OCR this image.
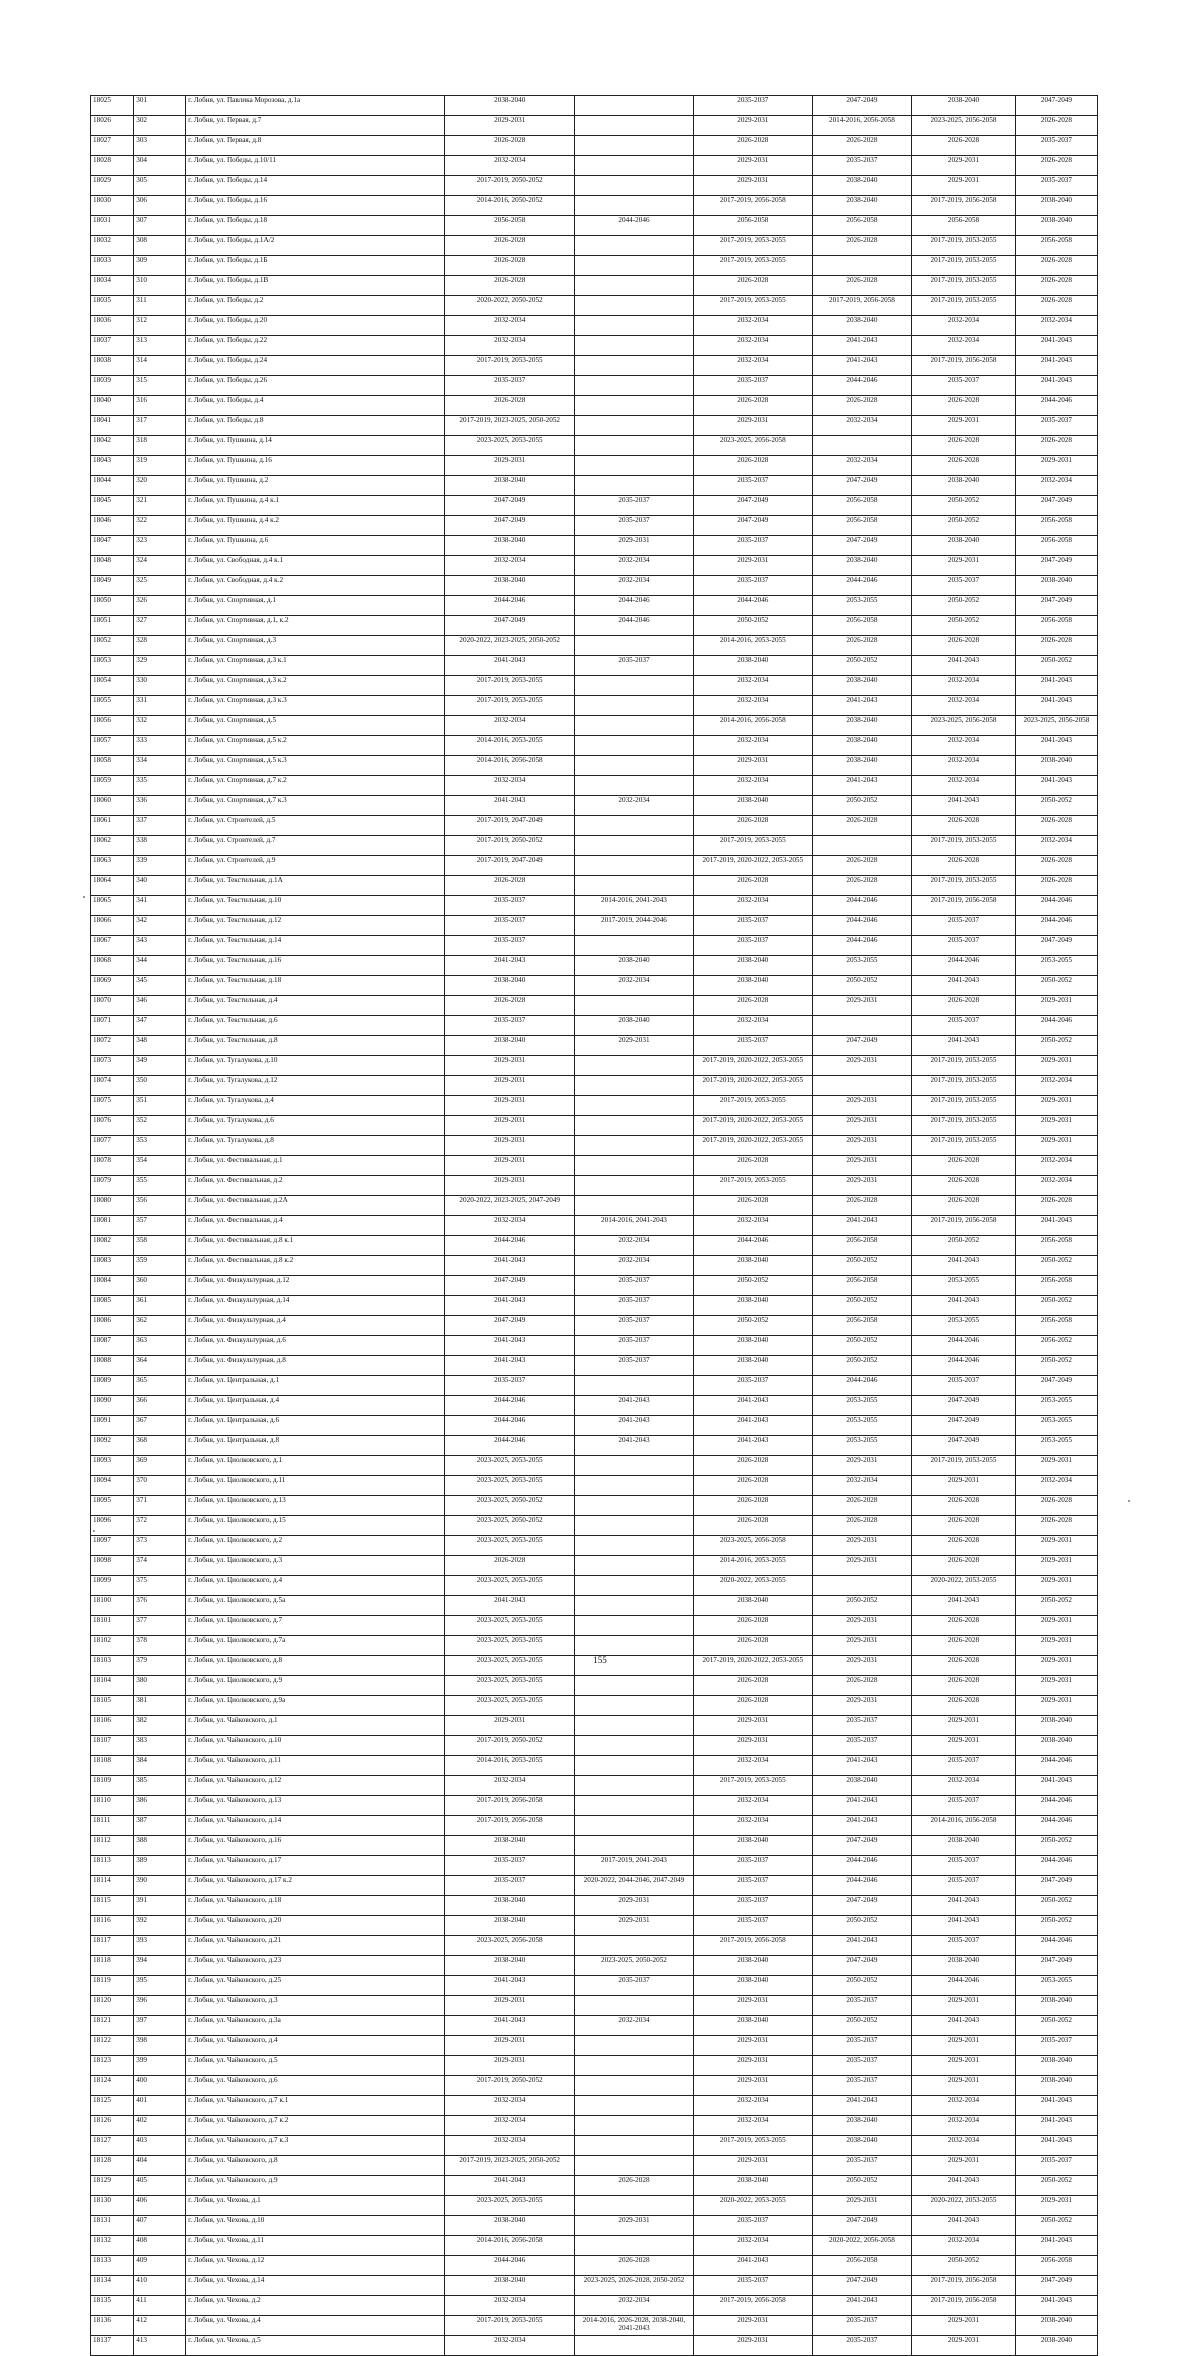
18025	301	г. Лобня, ул. Павлика Морозова, д.1а	2038-2040		2035-2037	2047-2049	2038-2040	2047-2049
18026	302	г. Лобня, ул. Первая, д.7	2029-2031		2029-2031	2014-2016, 2056-2058	2023-2025, 2056-2058	2026-2028
18027	303	г. Лобня, ул. Первая, д.8	2026-2028		2026-2028	2026-2028	2026-2028	2035-2037
18028	304	г. Лобня, ул. Победы, д.10/11	2032-2034		2029-2031	2035-2037	2029-2031	2026-2028
18029	305	г. Лобня, ул. Победы, д.14	2017-2019, 2050-2052		2029-2031	2038-2040	2029-2031	2035-2037
18030	306	г. Лобня, ул. Победы, д.16	2014-2016, 2050-2052		2017-2019, 2056-2058	2038-2040	2017-2019, 2056-2058	2038-2040
18031	307	г. Лобня, ул. Победы, д.18	2056-2058	2044-2046	2056-2058	2056-2058	2056-2058	2038-2040
18032	308	г. Лобня, ул. Победы, д.1А/2	2026-2028		2017-2019, 2053-2055	2026-2028	2017-2019, 2053-2055	2056-2058
18033	309	г. Лобня, ул. Победы, д.1Б	2026-2028		2017-2019, 2053-2055		2017-2019, 2053-2055	2026-2028
18034	310	г. Лобня, ул. Победы, д.1В	2026-2028		2026-2028	2026-2028	2017-2019, 2053-2055	2026-2028
18035	311	г. Лобня, ул. Победы, д.2	2020-2022, 2050-2052		2017-2019, 2053-2055	2017-2019, 2056-2058	2017-2019, 2053-2055	2026-2028
18036	312	г. Лобня, ул. Победы, д.20	2032-2034		2032-2034	2038-2040	2032-2034	2032-2034
18037	313	г. Лобня, ул. Победы, д.22	2032-2034		2032-2034	2041-2043	2032-2034	2041-2043
18038	314	г. Лобня, ул. Победы, д.24	2017-2019, 2053-2055		2032-2034	2041-2043	2017-2019, 2056-2058	2041-2043
18039	315	г. Лобня, ул. Победы, д.26	2035-2037		2035-2037	2044-2046	2035-2037	2041-2043
18040	316	г. Лобня, ул. Победы, д.4	2026-2028		2026-2028	2026-2028	2026-2028	2044-2046
18041	317	г. Лобня, ул. Победы, д.8	2017-2019, 2023-2025, 2050-2052		2029-2031	2032-2034	2029-2031	2035-2037
18042	318	г. Лобня, ул. Пушкина, д.14	2023-2025, 2053-2055		2023-2025, 2056-2058		2026-2028	2026-2028
18043	319	г. Лобня, ул. Пушкина, д.16	2029-2031		2026-2028	2032-2034	2026-2028	2029-2031
18044	320	г. Лобня, ул. Пушкина, д.2	2038-2040		2035-2037	2047-2049	2038-2040	2032-2034
18045	321	г. Лобня, ул. Пушкина, д.4 к.1	2047-2049	2035-2037	2047-2049	2056-2058	2050-2052	2047-2049
18046	322	г. Лобня, ул. Пушкина, д.4 к.2	2047-2049	2035-2037	2047-2049	2056-2058	2050-2052	2056-2058
18047	323	г. Лобня, ул. Пушкина, д.6	2038-2040	2029-2031	2035-2037	2047-2049	2038-2040	2056-2058
18048	324	г. Лобня, ул. Свободная, д.4 к.1	2032-2034	2032-2034	2029-2031	2038-2040	2029-2031	2047-2049
18049	325	г. Лобня, ул. Свободная, д.4 к.2	2038-2040	2032-2034	2035-2037	2044-2046	2035-2037	2038-2040
18050	326	г. Лобня, ул. Спортивная, д.1	2044-2046	2044-2046	2044-2046	2053-2055	2050-2052	2047-2049
18051	327	г. Лобня, ул. Спортивная, д.1, к.2	2047-2049	2044-2046	2050-2052	2056-2058	2050-2052	2056-2058
18052	328	г. Лобня, ул. Спортивная, д.3	2020-2022, 2023-2025, 2050-2052		2014-2016, 2053-2055	2026-2028	2026-2028	2026-2028
18053	329	г. Лобня, ул. Спортивная, д.3 к.1	2041-2043	2035-2037	2038-2040	2050-2052	2041-2043	2050-2052
18054	330	г. Лобня, ул. Спортивная, д.3 к.2	2017-2019, 2053-2055		2032-2034	2038-2040	2032-2034	2041-2043
18055	331	г. Лобня, ул. Спортивная, д.3 к.3	2017-2019, 2053-2055		2032-2034	2041-2043	2032-2034	2041-2043
18056	332	г. Лобня, ул. Спортивная, д.5	2032-2034		2014-2016, 2056-2058	2038-2040	2023-2025, 2056-2058	2023-2025, 2056-2058
18057	333	г. Лобня, ул. Спортивная, д.5 к.2	2014-2016, 2053-2055		2032-2034	2038-2040	2032-2034	2041-2043
18058	334	г. Лобня, ул. Спортивная, д.5 к.3	2014-2016, 2056-2058		2029-2031	2038-2040	2032-2034	2038-2040
18059	335	г. Лобня, ул. Спортивная, д.7 к.2	2032-2034		2032-2034	2041-2043	2032-2034	2041-2043
18060	336	г. Лобня, ул. Спортивная, д.7 к.3	2041-2043	2032-2034	2038-2040	2050-2052	2041-2043	2050-2052
18061	337	г. Лобня, ул. Строителей, д.5	2017-2019, 2047-2049		2026-2028	2026-2028	2026-2028	2026-2028
18062	338	г. Лобня, ул. Строителей, д.7	2017-2019, 2050-2052		2017-2019, 2053-2055		2017-2019, 2053-2055	2032-2034
18063	339	г. Лобня, ул. Строителей, д.9	2017-2019, 2047-2049		2017-2019, 2020-2022, 2053-2055	2026-2028	2026-2028	2026-2028
18064	340	г. Лобня, ул. Текстильная, д.1А	2026-2028		2026-2028	2026-2028	2017-2019, 2053-2055	2026-2028
18065	341	г. Лобня, ул. Текстильная, д.10	2035-2037	2014-2016, 2041-2043	2032-2034	2044-2046	2017-2019, 2056-2058	2044-2046
18066	342	г. Лобня, ул. Текстильная, д.12	2035-2037	2017-2019, 2044-2046	2035-2037	2044-2046	2035-2037	2044-2046
18067	343	г. Лобня, ул. Текстильная, д.14	2035-2037		2035-2037	2044-2046	2035-2037	2047-2049
18068	344	г. Лобня, ул. Текстильная, д.16	2041-2043	2038-2040	2038-2040	2053-2055	2044-2046	2053-2055
18069	345	г. Лобня, ул. Текстильная, д.18	2038-2040	2032-2034	2038-2040	2050-2052	2041-2043	2050-2052
18070	346	г. Лобня, ул. Текстильная, д.4	2026-2028		2026-2028	2029-2031	2026-2028	2029-2031
18071	347	г. Лобня, ул. Текстильная, д.6	2035-2037	2038-2040	2032-2034		2035-2037	2044-2046
18072	348	г. Лобня, ул. Текстильная, д.8	2038-2040	2029-2031	2035-2037	2047-2049	2041-2043	2050-2052
18073	349	г. Лобня, ул. Тугалукова, д.10	2029-2031		2017-2019, 2020-2022, 2053-2055	2029-2031	2017-2019, 2053-2055	2029-2031
18074	350	г. Лобня, ул. Тугалукова, д.12	2029-2031		2017-2019, 2020-2022, 2053-2055		2017-2019, 2053-2055	2032-2034
18075	351	г. Лобня, ул. Тугалукова, д.4	2029-2031		2017-2019, 2053-2055	2029-2031	2017-2019, 2053-2055	2029-2031
18076	352	г. Лобня, ул. Тугалукова, д.6	2029-2031		2017-2019, 2020-2022, 2053-2055	2029-2031	2017-2019, 2053-2055	2029-2031
18077	353	г. Лобня, ул. Тугалукова, д.8	2029-2031		2017-2019, 2020-2022, 2053-2055	2029-2031	2017-2019, 2053-2055	2029-2031
18078	354	г. Лобня, ул. Фестивальная, д.1	2029-2031		2026-2028	2029-2031	2026-2028	2032-2034
18079	355	г. Лобня, ул. Фестивальная, д.2	2029-2031		2017-2019, 2053-2055	2029-2031	2026-2028	2032-2034
18080	356	г. Лобня, ул. Фестивальная, д.2А	2020-2022, 2023-2025, 2047-2049		2026-2028	2026-2028	2026-2028	2026-2028
18081	357	г. Лобня, ул. Фестивальная, д.4	2032-2034	2014-2016, 2041-2043	2032-2034	2041-2043	2017-2019, 2056-2058	2041-2043
18082	358	г. Лобня, ул. Фестивальная, д.8 к.1	2044-2046	2032-2034	2044-2046	2056-2058	2050-2052	2056-2058
18083	359	г. Лобня, ул. Фестивальная, д.8 к.2	2041-2043	2032-2034	2038-2040	2050-2052	2041-2043	2050-2052
18084	360	г. Лобня, ул. Физкультурная, д.12	2047-2049	2035-2037	2050-2052	2056-2058	2053-2055	2056-2058
18085	361	г. Лобня, ул. Физкультурная, д.14	2041-2043	2035-2037	2038-2040	2050-2052	2041-2043	2050-2052
18086	362	г. Лобня, ул. Физкультурная, д.4	2047-2049	2035-2037	2050-2052	2056-2058	2053-2055	2056-2058
18087	363	г. Лобня, ул. Физкультурная, д.6	2041-2043	2035-2037	2038-2040	2050-2052	2044-2046	2056-2052
18088	364	г. Лобня, ул. Физкультурная, д.8	2041-2043	2035-2037	2038-2040	2050-2052	2044-2046	2050-2052
18089	365	г. Лобня, ул. Центральная, д.1	2035-2037		2035-2037	2044-2046	2035-2037	2047-2049
18090	366	г. Лобня, ул. Центральная, д.4	2044-2046	2041-2043	2041-2043	2053-2055	2047-2049	2053-2055
18091	367	г. Лобня, ул. Центральная, д.6	2044-2046	2041-2043	2041-2043	2053-2055	2047-2049	2053-2055
18092	368	г. Лобня, ул. Центральная, д.8	2044-2046	2041-2043	2041-2043	2053-2055	2047-2049	2053-2055
18093	369	г. Лобня, ул. Циолковского, д.1	2023-2025, 2053-2055		2026-2028	2029-2031	2017-2019, 2053-2055	2029-2031
18094	370	г. Лобня, ул. Циолковского, д.11	2023-2025, 2053-2055		2026-2028	2032-2034	2029-2031	2032-2034
18095	371	г. Лобня, ул. Циолковского, д.13	2023-2025, 2050-2052		2026-2028	2026-2028	2026-2028	2026-2028
18096	372	г. Лобня, ул. Циолковского, д.15	2023-2025, 2050-2052		2026-2028	2026-2028	2026-2028	2026-2028
18097	373	г. Лобня, ул. Циолковского, д.2	2023-2025, 2053-2055		2023-2025, 2056-2058	2029-2031	2026-2028	2029-2031
18098	374	г. Лобня, ул. Циолковского, д.3	2026-2028		2014-2016, 2053-2055	2029-2031	2026-2028	2029-2031
18099	375	г. Лобня, ул. Циолковского, д.4	2023-2025, 2053-2055		2020-2022, 2053-2055		2020-2022, 2053-2055	2029-2031
18100	376	г. Лобня, ул. Циолковского, д.5а	2041-2043		2038-2040	2050-2052	2041-2043	2050-2052
18101	377	г. Лобня, ул. Циолковского, д.7	2023-2025, 2053-2055		2026-2028	2029-2031	2026-2028	2029-2031
18102	378	г. Лобня, ул. Циолковского, д.7а	2023-2025, 2053-2055		2026-2028	2029-2031	2026-2028	2029-2031
18103	379	г. Лобня, ул. Циолковского, д.8	2023-2025, 2053-2055		2017-2019, 2020-2022, 2053-2055	2029-2031	2026-2028	2029-2031
18104	380	г. Лобня, ул. Циолковского, д.9	2023-2025, 2053-2055		2026-2028	2026-2028	2026-2028	2029-2031
18105	381	г. Лобня, ул. Циолковского, д.9а	2023-2025, 2053-2055		2026-2028	2029-2031	2026-2028	2029-2031
18106	382	г. Лобня, ул. Чайковского, д.1	2029-2031		2029-2031	2035-2037	2029-2031	2038-2040
18107	383	г. Лобня, ул. Чайковского, д.10	2017-2019, 2050-2052		2029-2031	2035-2037	2029-2031	2038-2040
18108	384	г. Лобня, ул. Чайковского, д.11	2014-2016, 2053-2055		2032-2034	2041-2043	2035-2037	2044-2046
18109	385	г. Лобня, ул. Чайковского, д.12	2032-2034		2017-2019, 2053-2055	2038-2040	2032-2034	2041-2043
18110	386	г. Лобня, ул. Чайковского, д.13	2017-2019, 2056-2058		2032-2034	2041-2043	2035-2037	2044-2046
18111	387	г. Лобня, ул. Чайковского, д.14	2017-2019, 2056-2058		2032-2034	2041-2043	2014-2016, 2056-2058	2044-2046
18112	388	г. Лобня, ул. Чайковского, д.16	2038-2040		2038-2040	2047-2049	2038-2040	2050-2052
18113	389	г. Лобня, ул. Чайковского, д.17	2035-2037	2017-2019, 2041-2043	2035-2037	2044-2046	2035-2037	2044-2046
18114	390	г. Лобня, ул. Чайковского, д.17 к.2	2035-2037	2020-2022, 2044-2046, 2047-2049	2035-2037	2044-2046	2035-2037	2047-2049
18115	391	г. Лобня, ул. Чайковского, д.18	2038-2040	2029-2031	2035-2037	2047-2049	2041-2043	2050-2052
18116	392	г. Лобня, ул. Чайковского, д.20	2038-2040	2029-2031	2035-2037	2050-2052	2041-2043	2050-2052
18117	393	г. Лобня, ул. Чайковского, д.21	2023-2025, 2056-2058		2017-2019, 2056-2058	2041-2043	2035-2037	2044-2046
18118	394	г. Лобня, ул. Чайковского, д.23	2038-2040	2023-2025, 2050-2052	2038-2040	2047-2049	2038-2040	2047-2049
18119	395	г. Лобня, ул. Чайковского, д.25	2041-2043	2035-2037	2038-2040	2050-2052	2044-2046	2053-2055
18120	396	г. Лобня, ул. Чайковского, д.3	2029-2031		2029-2031	2035-2037	2029-2031	2038-2040
18121	397	г. Лобня, ул. Чайковского, д.3а	2041-2043	2032-2034	2038-2040	2050-2052	2041-2043	2050-2052
18122	398	г. Лобня, ул. Чайковского, д.4	2029-2031		2029-2031	2035-2037	2029-2031	2035-2037
18123	399	г. Лобня, ул. Чайковского, д.5	2029-2031		2029-2031	2035-2037	2029-2031	2038-2040
18124	400	г. Лобня, ул. Чайковского, д.6	2017-2019, 2050-2052		2029-2031	2035-2037	2029-2031	2038-2040
18125	401	г. Лобня, ул. Чайковского, д.7 к.1	2032-2034		2032-2034	2041-2043	2032-2034	2041-2043
18126	402	г. Лобня, ул. Чайковского, д.7 к.2	2032-2034		2032-2034	2038-2040	2032-2034	2041-2043
18127	403	г. Лобня, ул. Чайковского, д.7 к.3	2032-2034		2017-2019, 2053-2055	2038-2040	2032-2034	2041-2043
18128	404	г. Лобня, ул. Чайковского, д.8	2017-2019, 2023-2025, 2050-2052		2029-2031	2035-2037	2029-2031	2035-2037
18129	405	г. Лобня, ул. Чайковского, д.9	2041-2043	2026-2028	2038-2040	2050-2052	2041-2043	2050-2052
18130	406	г. Лобня, ул. Чехова, д.1	2023-2025, 2053-2055		2020-2022, 2053-2055	2029-2031	2020-2022, 2053-2055	2029-2031
18131	407	г. Лобня, ул. Чехова, д.10	2038-2040	2029-2031	2035-2037	2047-2049	2041-2043	2050-2052
18132	408	г. Лобня, ул. Чехова, д.11	2014-2016, 2056-2058		2032-2034	2020-2022, 2056-2058	2032-2034	2041-2043
18133	409	г. Лобня, ул. Чехова, д.12	2044-2046	2026-2028	2041-2043	2056-2058	2050-2052	2056-2058
18134	410	г. Лобня, ул. Чехова, д.14	2038-2040	2023-2025, 2026-2028, 2050-2052	2035-2037	2047-2049	2017-2019, 2056-2058	2047-2049
18135	411	г. Лобня, ул. Чехова, д.2	2032-2034	2032-2034	2017-2019, 2056-2058	2041-2043	2017-2019, 2056-2058	2041-2043
18136	412	г. Лобня, ул. Чехова, д.4	2017-2019, 2053-2055	2014-2016, 2026-2028, 2038-2040, 2041-2043	2029-2031	2035-2037	2029-2031	2038-2040
18137	413	г. Лобня, ул. Чехова, д.5	2032-2034		2029-2031	2035-2037	2029-2031	2038-2040
155
